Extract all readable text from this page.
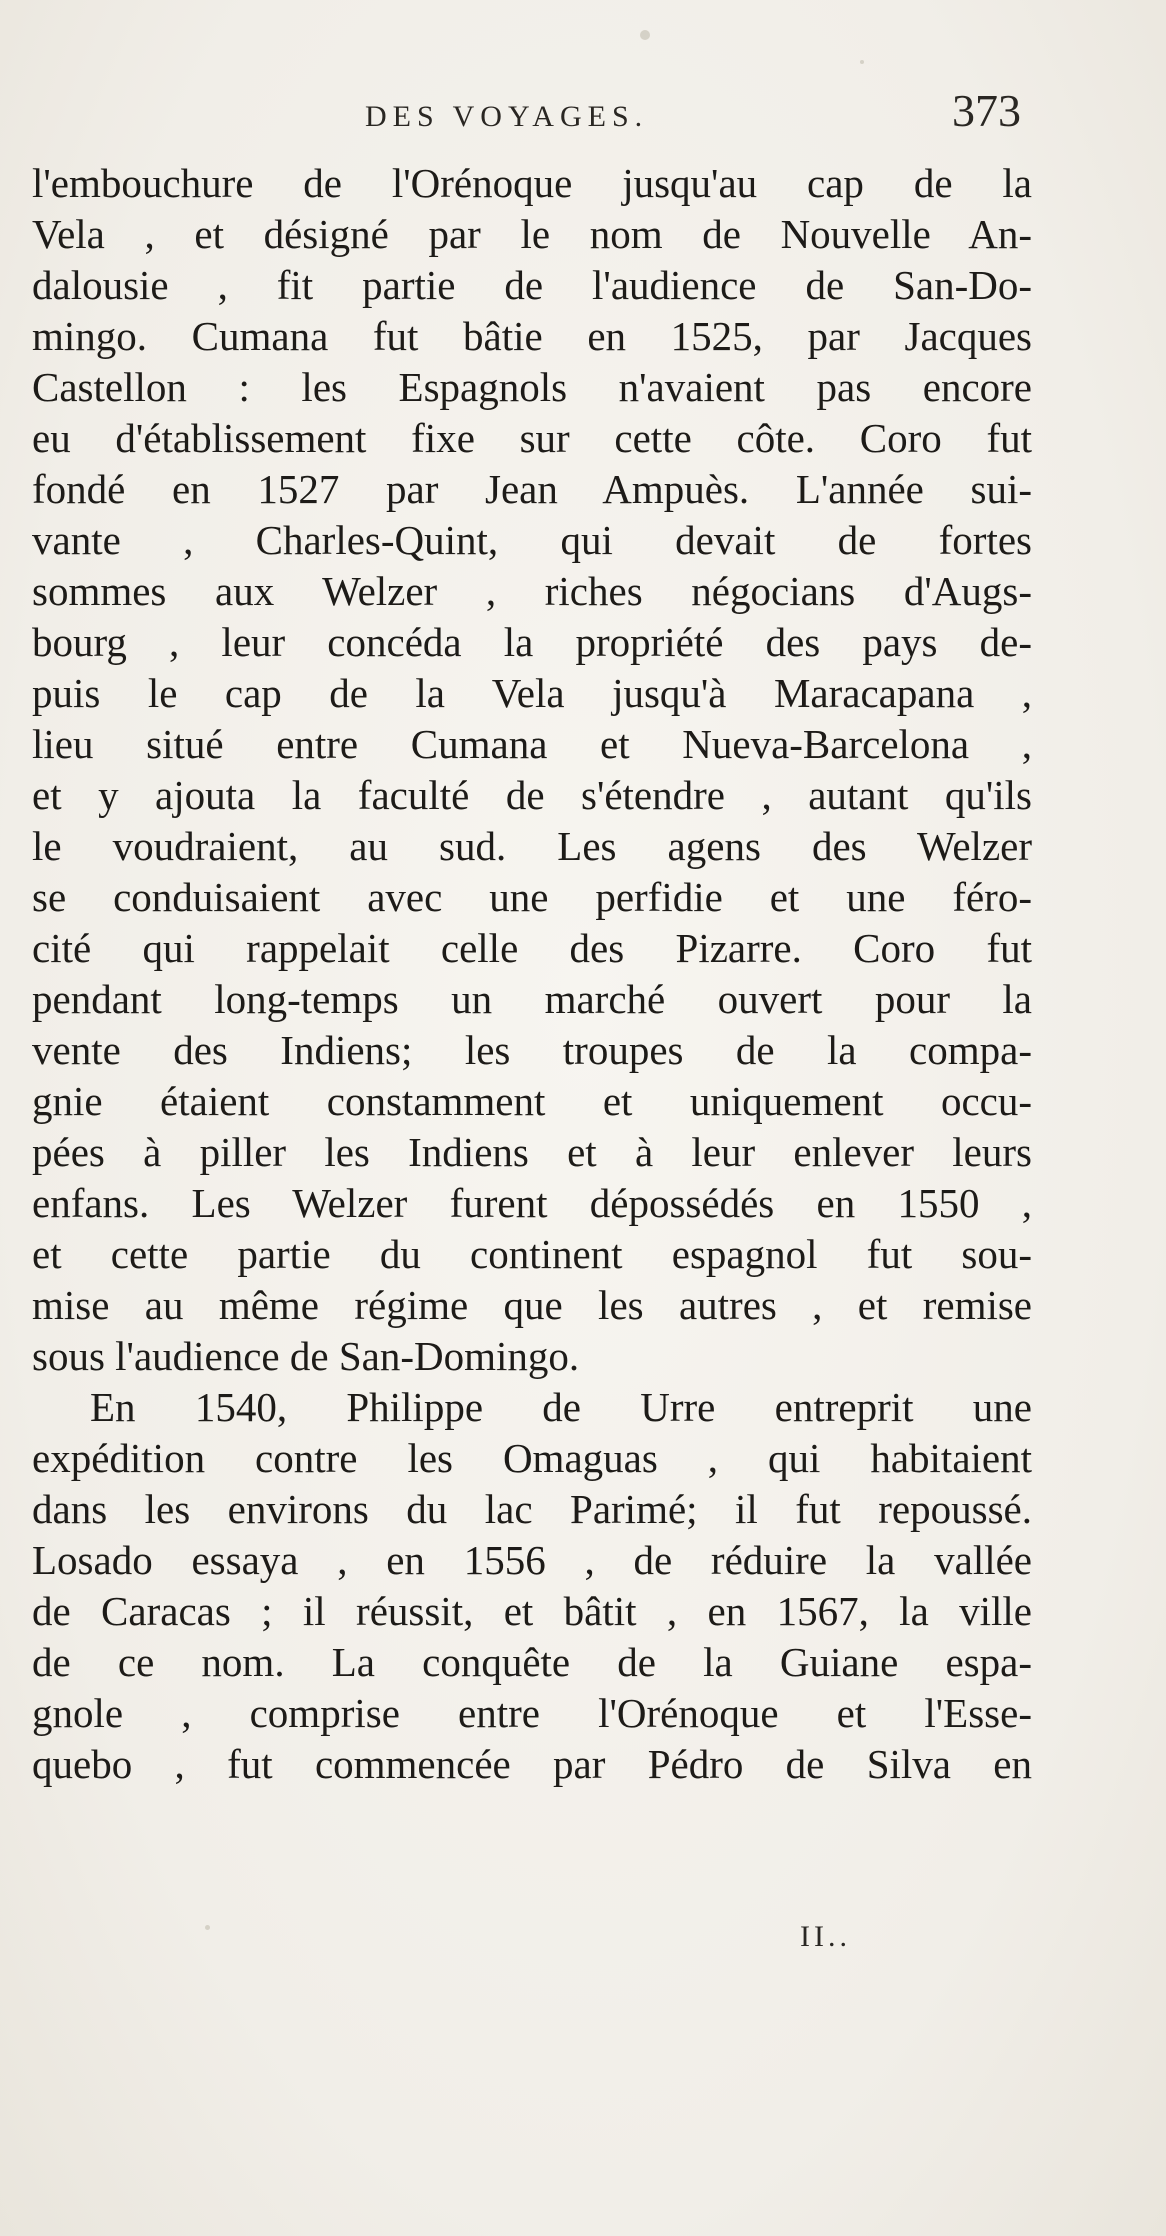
DES VOYAGES.	373
l'embouchure de l'Orénoque jusqu'au cap de la
Vela , et désigné par le nom de Nouvelle An-
dalousie , fit partie de l'audience de San-Do-
mingo. Cumana fut bâtie en 1525, par Jacques
Castellon : les Espagnols n'avaient pas encore
eu d'établissement fixe sur cette côte. Coro fut
fondé en 1527 par Jean Ampuès. L'année sui-
vante , Charles-Quint, qui devait de fortes
sommes aux Welzer , riches négocians d'Augs-
bourg , leur concéda la propriété des pays de-
puis le cap de la Vela jusqu'à Maracapana ,
lieu situé entre Cumana et Nueva-Barcelona ,
et y ajouta la faculté de s'étendre , autant qu'ils
le voudraient, au sud. Les agens des Welzer
se conduisaient avec une perfidie et une féro-
cité qui rappelait celle des Pizarre. Coro fut
pendant long-temps un marché ouvert pour la
vente des Indiens; les troupes de la compa-
gnie étaient constamment et uniquement occu-
pées à piller les Indiens et à leur enlever leurs
enfans. Les Welzer furent dépossédés en 1550 ,
et cette partie du continent espagnol fut sou-
mise au même régime que les autres , et remise
sous l'audience de San-Domingo.
En 1540, Philippe de Urre entreprit une
expédition contre les Omaguas , qui habitaient
dans les environs du lac Parimé; il fut repoussé.
Losado essaya , en 1556 , de réduire la vallée
de Caracas ; il réussit, et bâtit , en 1567, la ville
de ce nom. La conquête de la Guiane espa-
gnole , comprise entre l'Orénoque et l'Esse-
quebo , fut commencée par Pédro de Silva en
II..
